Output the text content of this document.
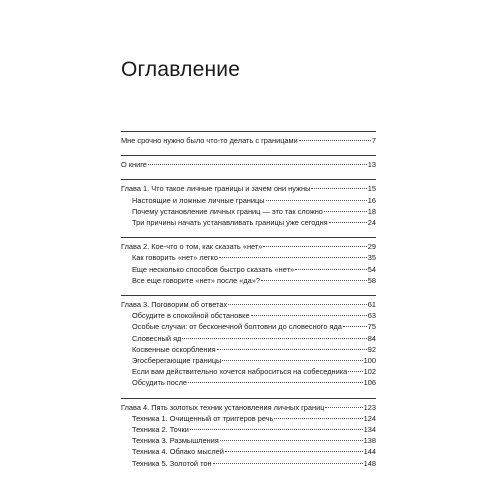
Оглавление
Мне срочно нужно было что-то делать с границами	7
О книге	13
Глава 1. Что такое личные границы и зачем они нужны	15
Настоящие и ложные личные границы	16
Почему установление личных границ — это так сложно	18
Три причины начать устанавливать границы уже сегодня	24
Глава 2. Кое-что о том, как сказать «нет»	29
Как говорить «нет» легко	35
Еще несколько способов быстро сказать «нет»	54
Все еще говорите «нет» после «да»?	58
Глава 3. Поговорим об ответах	61
Обсудите в спокойной обстановке	63
Особые случаи: от бесконечной болтовни до словесного яда	75
Словесный яд	84
Косвенные оскорбления	92
Эгосберегающие границы	100
Если вам действительно хочется наброситься на собеседника 102
Обсудить после	106
Глава 4. Пять золотых техник установления личных границ	123
Техника 1. Очищенный от триггеров речь	124
Техника 2. Точки	134
Техника 3. Размышления	138
Техника 4. Облако мыслей	144
Техника 5. Золотой тон	148
